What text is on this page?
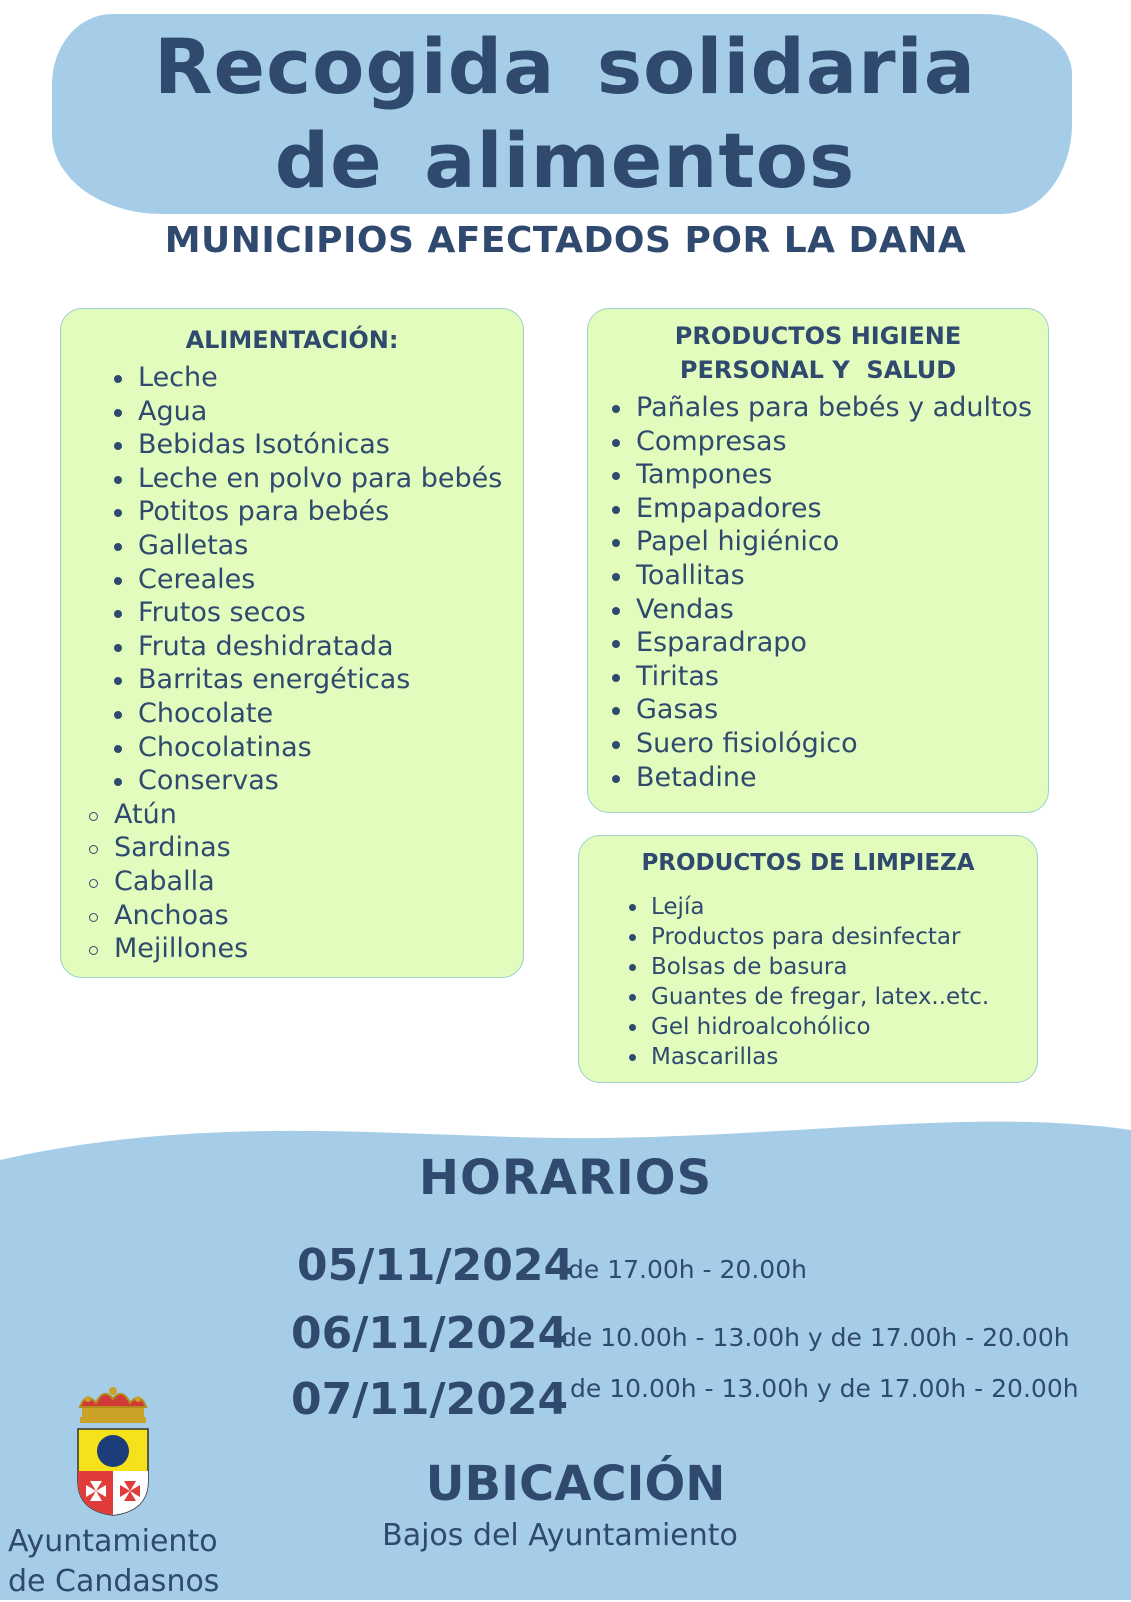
Recogida solidaria
de alimentos

MUNICIPIOS AFECTADOS POR LA DANA

ALIMENTACIÓN:
Leche
Agua
Bebidas Isotónicas
Leche en polvo para bebés
Potitos para bebés
Galletas
Cereales
Frutos secos
Fruta deshidratada
Barritas energéticas
Chocolate
Chocolatinas
Conservas
Atún
Sardinas
Caballa
Anchoas
Mejillones
PRODUCTOS HIGIENE
PERSONAL Y  SALUD
Pañales para bebés y adultos
Compresas
Tampones
Empapadores
Papel higiénico
Toallitas
Vendas
Esparadrapo
Tiritas
Gasas
Suero fisiológico
Betadine
PRODUCTOS DE LIMPIEZA
Lejía
Productos para desinfectar
Bolsas de basura
Guantes de fregar, latex..etc.
Gel hidroalcohólico
Mascarillas
HORARIOS
05/11/2024
de 17.00h - 20.00h
06/11/2024
de 10.00h - 13.00h y de 17.00h - 20.00h
07/11/2024 de 10.00h - 13.00h y de 17.00h - 20.00h
UBICACIÓN
Bajos del Ayuntamiento
Ayuntamiento
de Candasnos
